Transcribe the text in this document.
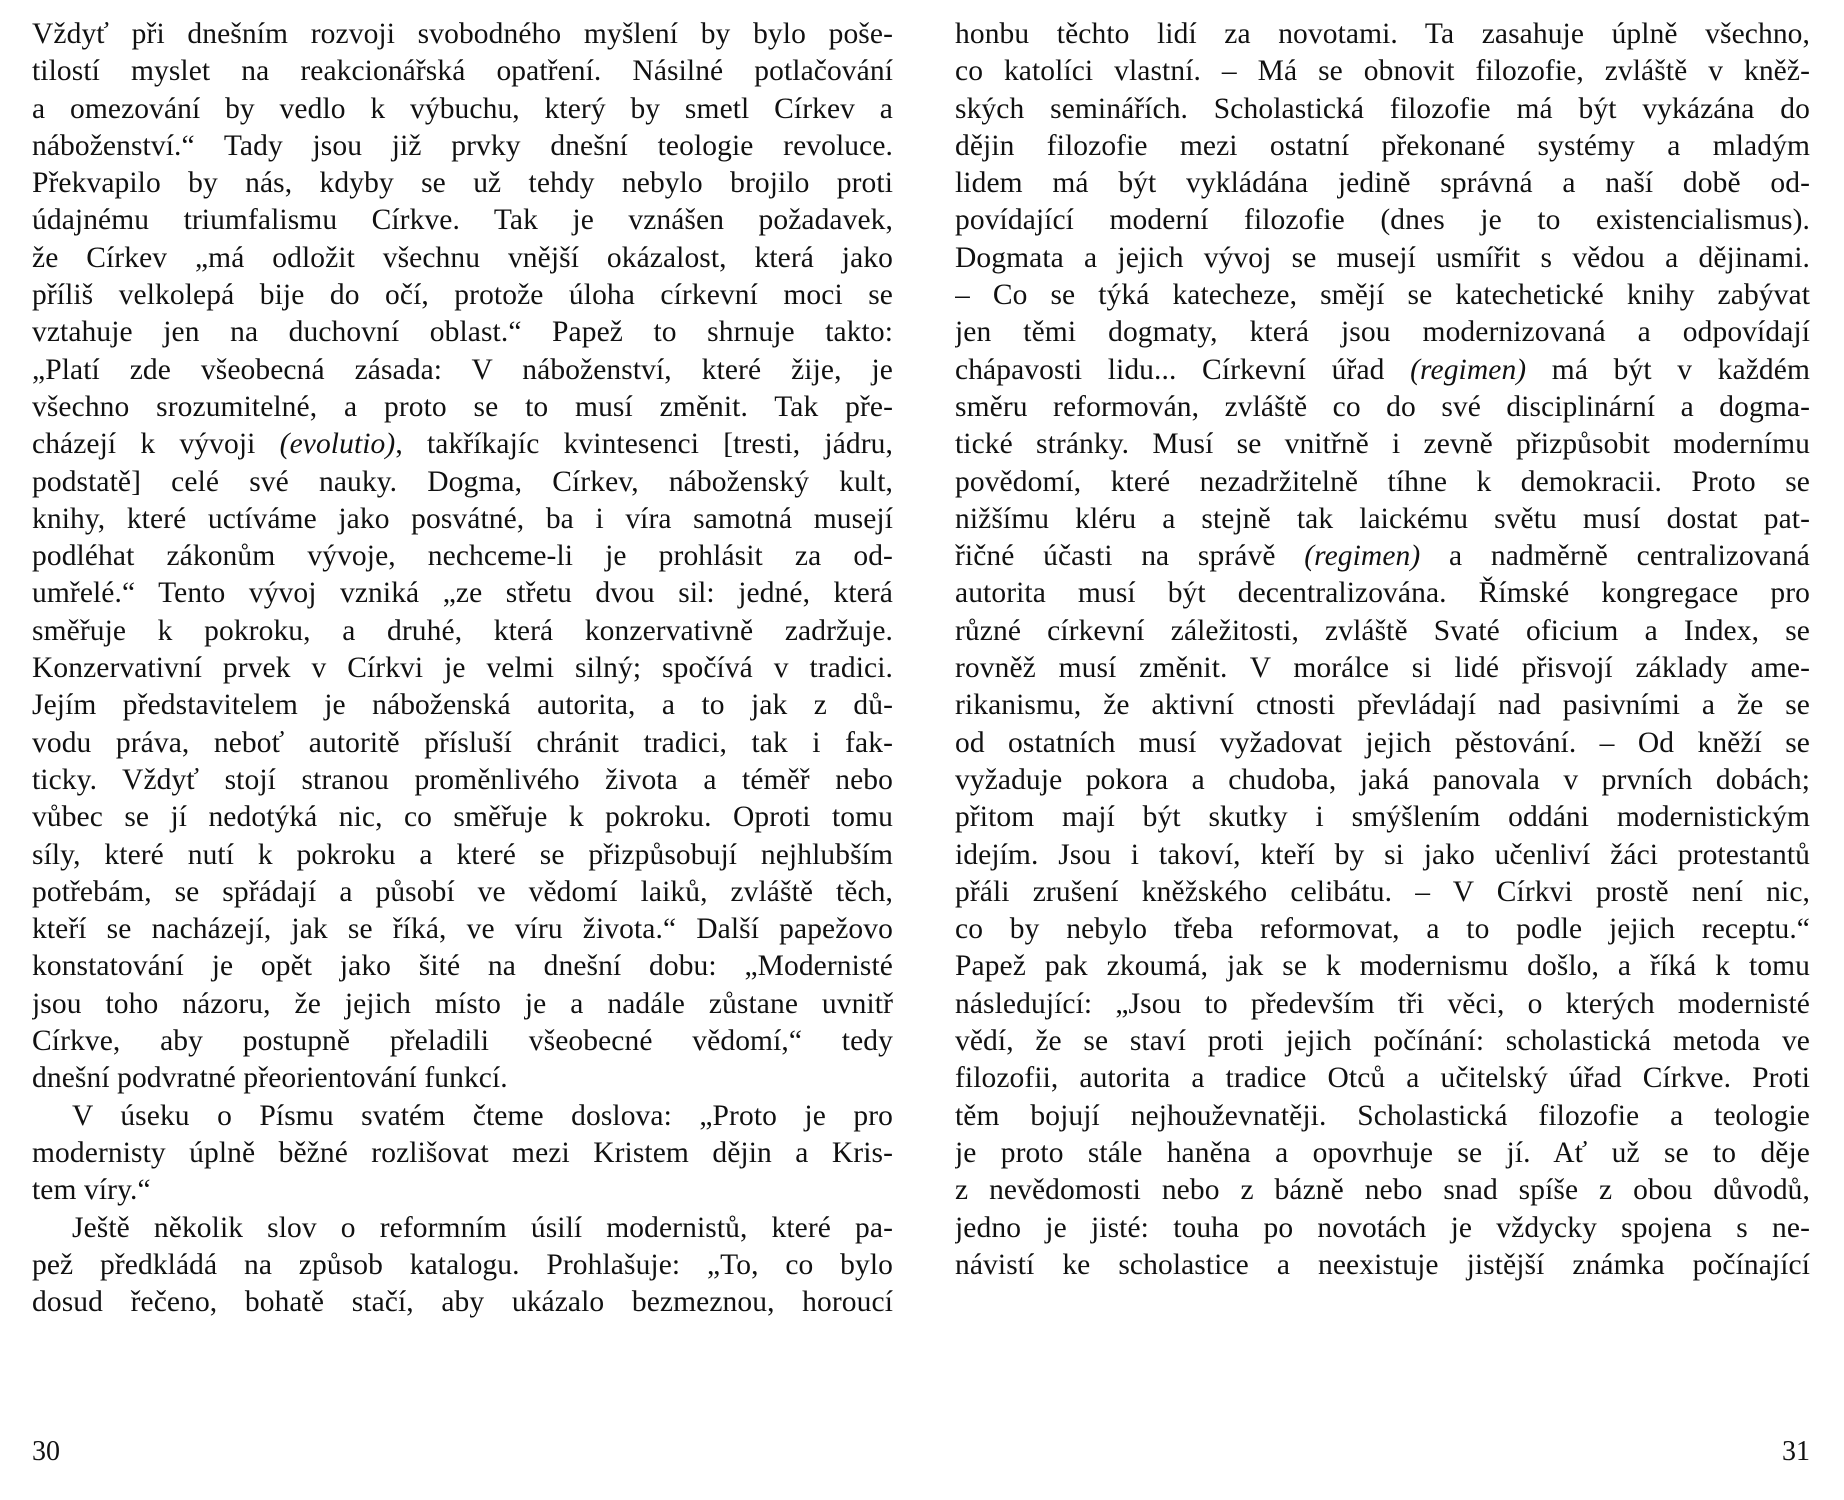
Vždyť při dnešním rozvoji svobodného myšlení by bylo poše-
tilostí myslet na reakcionářská opatření. Násilné potlačování
a omezování by vedlo k výbuchu, který by smetl Církev a
náboženství.“ Tady jsou již prvky dnešní teologie revoluce.
Překvapilo by nás, kdyby se už tehdy nebylo brojilo proti
údajnému triumfalismu Církve. Tak je vznášen požadavek,
že Církev „má odložit všechnu vnější okázalost, která jako
příliš velkolepá bije do očí, protože úloha církevní moci se
vztahuje jen na duchovní oblast.“ Papež to shrnuje takto:
„Platí zde všeobecná zásada: V náboženství, které žije, je
všechno srozumitelné, a proto se to musí změnit. Tak pře-
cházejí k vývoji (evolutio), takříkajíc kvintesenci [tresti, jádru,
podstatě] celé své nauky. Dogma, Církev, náboženský kult,
knihy, které uctíváme jako posvátné, ba i víra samotná musejí
podléhat zákonům vývoje, nechceme-li je prohlásit za od-
umřelé.“ Tento vývoj vzniká „ze střetu dvou sil: jedné, která
směřuje k pokroku, a druhé, která konzervativně zadržuje.
Konzervativní prvek v Církvi je velmi silný; spočívá v tradici.
Jejím představitelem je náboženská autorita, a to jak z dů-
vodu práva, neboť autoritě přísluší chránit tradici, tak i fak-
ticky. Vždyť stojí stranou proměnlivého života a téměř nebo
vůbec se jí nedotýká nic, co směřuje k pokroku. Oproti tomu
síly, které nutí k pokroku a které se přizpůsobují nejhlubším
potřebám, se spřádají a působí ve vědomí laiků, zvláště těch,
kteří se nacházejí, jak se říká, ve víru života.“ Další papežovo
konstatování je opět jako šité na dnešní dobu: „Modernisté
jsou toho názoru, že jejich místo je a nadále zůstane uvnitř
Církve, aby postupně přeladili všeobecné vědomí,“ tedy
dnešní podvratné přeorientování funkcí.
V úseku o Písmu svatém čteme doslova: „Proto je pro
modernisty úplně běžné rozlišovat mezi Kristem dějin a Kris-
tem víry.“
Ještě několik slov o reformním úsilí modernistů, které pa-
pež předkládá na způsob katalogu. Prohlašuje: „To, co bylo
dosud řečeno, bohatě stačí, aby ukázalo bezmeznou, horoucí
30
honbu těchto lidí za novotami. Ta zasahuje úplně všechno,
co katolíci vlastní. – Má se obnovit filozofie, zvláště v kněž-
ských seminářích. Scholastická filozofie má být vykázána do
dějin filozofie mezi ostatní překonané systémy a mladým
lidem má být vykládána jedině správná a naší době od-
povídající moderní filozofie (dnes je to existencialismus).
Dogmata a jejich vývoj se musejí usmířit s vědou a dějinami.
– Co se týká katecheze, smějí se katechetické knihy zabývat
jen těmi dogmaty, která jsou modernizovaná a odpovídají
chápavosti lidu... Církevní úřad (regimen) má být v každém
směru reformován, zvláště co do své disciplinární a dogma-
tické stránky. Musí se vnitřně i zevně přizpůsobit modernímu
povědomí, které nezadržitelně tíhne k demokracii. Proto se
nižšímu kléru a stejně tak laickému světu musí dostat pat-
řičné účasti na správě (regimen) a nadměrně centralizovaná
autorita musí být decentralizována. Římské kongregace pro
různé církevní záležitosti, zvláště Svaté oficium a Index, se
rovněž musí změnit. V morálce si lidé přisvojí základy ame-
rikanismu, že aktivní ctnosti převládají nad pasivními a že se
od ostatních musí vyžadovat jejich pěstování. – Od kněží se
vyžaduje pokora a chudoba, jaká panovala v prvních dobách;
přitom mají být skutky i smýšlením oddáni modernistickým
idejím. Jsou i takoví, kteří by si jako učenliví žáci protestantů
přáli zrušení kněžského celibátu. – V Církvi prostě není nic,
co by nebylo třeba reformovat, a to podle jejich receptu.“
Papež pak zkoumá, jak se k modernismu došlo, a říká k tomu
následující: „Jsou to především tři věci, o kterých modernisté
vědí, že se staví proti jejich počínání: scholastická metoda ve
filozofii, autorita a tradice Otců a učitelský úřad Církve. Proti
těm bojují nejhouževnatěji. Scholastická filozofie a teologie
je proto stále haněna a opovrhuje se jí. Ať už se to děje
z nevědomosti nebo z bázně nebo snad spíše z obou důvodů,
jedno je jisté: touha po novotách je vždycky spojena s ne-
návistí ke scholastice a neexistuje jistější známka počínající
31
